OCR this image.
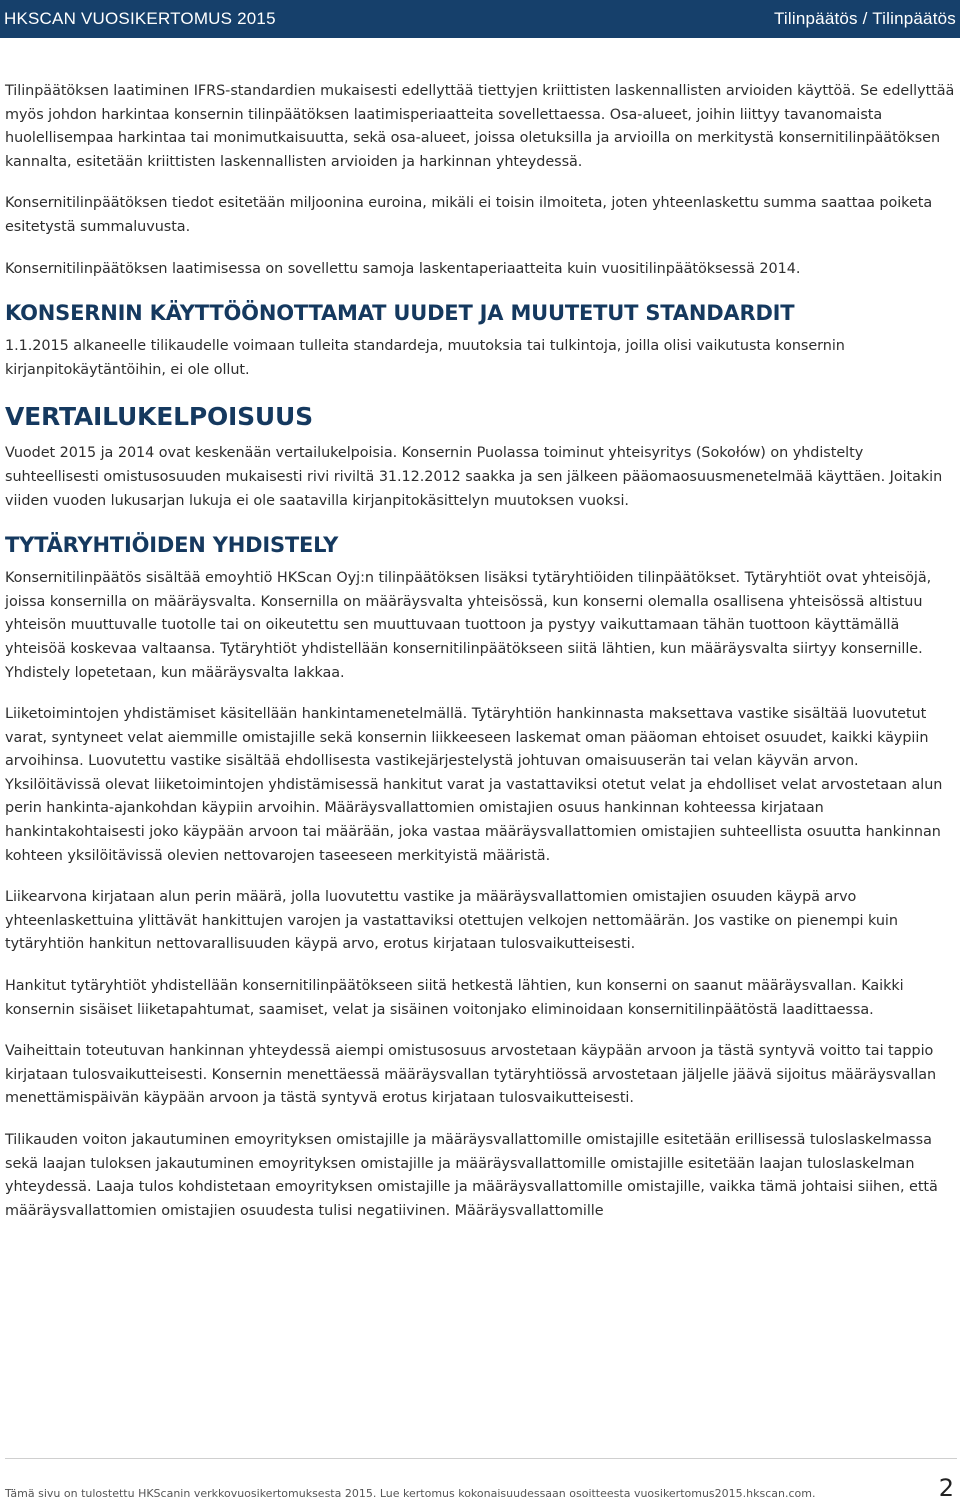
HKSCAN VUOSIKERTOMUS 2015	Tilinpäätös / Tilinpäätös

Tilinpäätöksen laatiminen IFRS-standardien mukaisesti edellyttää tiettyjen kriittisten laskennallisten arvioiden käyttöä. Se edellyttää myös johdon harkintaa konsernin tilinpäätöksen laatimisperiaatteita sovellettaessa. Osa-alueet, joihin liittyy tavanomaista huolellisempaa harkintaa tai monimutkaisuutta, sekä osa-alueet, joissa oletuksilla ja arvioilla on merkitystä konsernitilinpäätöksen kannalta, esitetään kriittisten laskennallisten arvioiden ja harkinnan yhteydessä.

Konsernitilinpäätöksen tiedot esitetään miljoonina euroina, mikäli ei toisin ilmoiteta, joten yhteenlaskettu summa saattaa poiketa esitetystä summaluvusta.

Konsernitilinpäätöksen laatimisessa on sovellettu samoja laskentaperiaatteita kuin vuositilinpäätöksessä 2014.

KONSERNIN KÄYTTÖÖNOTTAMAT UUDET JA MUUTETUT STANDARDIT

1.1.2015 alkaneelle tilikaudelle voimaan tulleita standardeja, muutoksia tai tulkintoja, joilla olisi vaikutusta konsernin kirjanpitokäytäntöihin, ei ole ollut.

VERTAILUKELPOISUUS

Vuodet 2015 ja 2014 ovat keskenään vertailukelpoisia. Konsernin Puolassa toiminut yhteisyritys (Sokołów) on yhdistelty suhteellisesti omistusosuuden mukaisesti rivi riviltä 31.12.2012 saakka ja sen jälkeen pääomaosuusmenetelmää käyttäen. Joitakin viiden vuoden lukusarjan lukuja ei ole saatavilla kirjanpitokäsittelyn muutoksen vuoksi.

TYTÄRYHTIÖIDEN YHDISTELY

Konsernitilinpäätös sisältää emoyhtiö HKScan Oyj:n tilinpäätöksen lisäksi tytäryhtiöiden tilinpäätökset. Tytäryhtiöt ovat yhteisöjä, joissa konsernilla on määräysvalta. Konsernilla on määräysvalta yhteisössä, kun konserni olemalla osallisena yhteisössä altistuu yhteisön muuttuvalle tuotolle tai on oikeutettu sen muuttuvaan tuottoon ja pystyy vaikuttamaan tähän tuottoon käyttämällä yhteisöä koskevaa valtaansa. Tytäryhtiöt yhdistellään konsernitilinpäätökseen siitä lähtien, kun määräysvalta siirtyy konsernille. Yhdistely lopetetaan, kun määräysvalta lakkaa.

Liiketoimintojen yhdistämiset käsitellään hankintamenetelmällä. Tytäryhtiön hankinnasta maksettava vastike sisältää luovutetut varat, syntyneet velat aiemmille omistajille sekä konsernin liikkeeseen laskemat oman pääoman ehtoiset osuudet, kaikki käypiin arvoihinsa. Luovutettu vastike sisältää ehdollisesta vastikejärjestelystä johtuvan omaisuuserän tai velan käyvän arvon. Yksilöitävissä olevat liiketoimintojen yhdistämisessä hankitut varat ja vastattaviksi otetut velat ja ehdolliset velat arvostetaan alun perin hankinta-ajankohdan käypiin arvoihin. Määräysvallattomien omistajien osuus hankinnan kohteessa kirjataan hankintakohtaisesti joko käypään arvoon tai määrään, joka vastaa määräysvallattomien omistajien suhteellista osuutta hankinnan kohteen yksilöitävissä olevien nettovarojen taseeseen merkityistä määristä.

Liikearvona kirjataan alun perin määrä, jolla luovutettu vastike ja määräysvallattomien omistajien osuuden käypä arvo yhteenlaskettuina ylittävät hankittujen varojen ja vastattaviksi otettujen velkojen nettomäärän. Jos vastike on pienempi kuin tytäryhtiön hankitun nettovarallisuuden käypä arvo, erotus kirjataan tulosvaikutteisesti.

Hankitut tytäryhtiöt yhdistellään konsernitilinpäätökseen siitä hetkestä lähtien, kun konserni on saanut määräysvallan. Kaikki konsernin sisäiset liiketapahtumat, saamiset, velat ja sisäinen voitonjako eliminoidaan konsernitilinpäätöstä laadittaessa.

Vaiheittain toteutuvan hankinnan yhteydessä aiempi omistusosuus arvostetaan käypään arvoon ja tästä syntyvä voitto tai tappio kirjataan tulosvaikutteisesti. Konsernin menettäessä määräysvallan tytäryhtiössä arvostetaan jäljelle jäävä sijoitus määräysvallan menettämispäivän käypään arvoon ja tästä syntyvä erotus kirjataan tulosvaikutteisesti.

Tilikauden voiton jakautuminen emoyrityksen omistajille ja määräysvallattomille omistajille esitetään erillisessä tuloslaskelmassa sekä laajan tuloksen jakautuminen emoyrityksen omistajille ja määräysvallattomille omistajille esitetään laajan tuloslaskelman yhteydessä. Laaja tulos kohdistetaan emoyrityksen omistajille ja määräysvallattomille omistajille, vaikka tämä johtaisi siihen, että määräysvallattomien omistajien osuudesta tulisi negatiivinen. Määräysvallattomille

Tämä sivu on tulostettu HKScanin verkkovuosikertomuksesta 2015. Lue kertomus kokonaisuudessaan osoitteesta vuosikertomus2015.hkscan.com.	2
